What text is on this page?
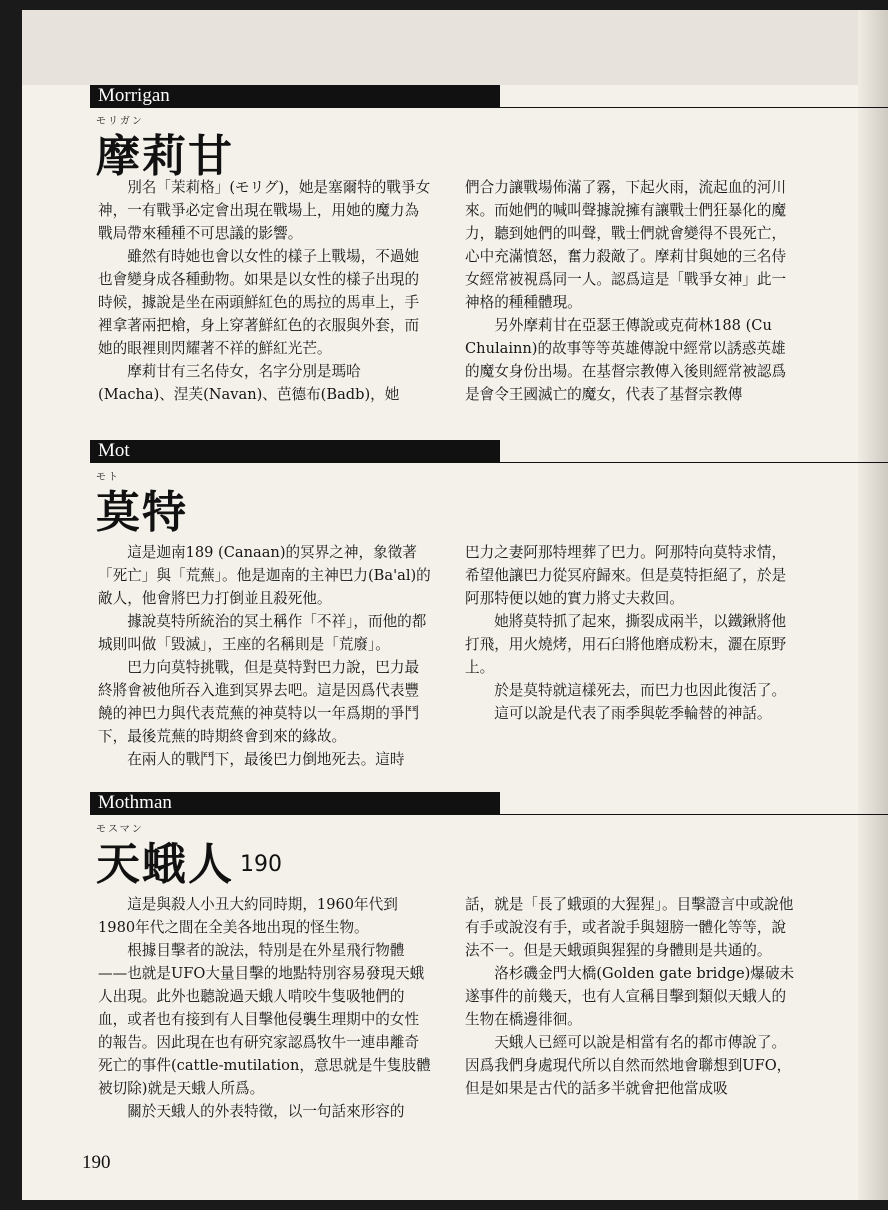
Morrigan
モリガン
摩莉甘

別名「茉莉格」(モリグ)，她是塞爾特的戰爭女神，一有戰爭必定會出現在戰場上，用她的魔力為戰局帶來種種不可思議的影響。

雖然有時她也會以女性的樣子上戰場，不過她也會變身成各種動物。如果是以女性的樣子出現的時候，據說是坐在兩頭鮮紅色的馬拉的馬車上，手裡拿著兩把槍，身上穿著鮮紅色的衣服與外套，而她的眼裡則閃耀著不祥的鮮紅光芒。

摩莉甘有三名侍女，名字分別是瑪哈(Macha)、涅芙(Navan)、芭德布(Badb)，她

們合力讓戰場佈滿了霧，下起火雨，流起血的河川來。而她們的喊叫聲據說擁有讓戰士們狂暴化的魔力，聽到她們的叫聲，戰士們就會變得不畏死亡，心中充滿憤怒，奮力殺敵了。摩莉甘與她的三名侍女經常被視爲同一人。認爲這是「戰爭女神」此一神格的種種體現。

另外摩莉甘在亞瑟王傳說或克荷林188 (Cu Chulainn)的故事等等英雄傳說中經常以誘惑英雄的魔女身份出場。在基督宗教傳入後則經常被認爲是會令王國滅亡的魔女，代表了基督宗教傳

Mot
モト
莫特

這是迦南189 (Canaan)的冥界之神，象徵著「死亡」與「荒蕪」。他是迦南的主神巴力(Ba'al)的敵人，他會將巴力打倒並且殺死他。

據說莫特所統治的冥土稱作「不祥」，而他的都城則叫做「毀滅」，王座的名稱則是「荒廢」。

巴力向莫特挑戰，但是莫特對巴力說，巴力最終將會被他所吞入進到冥界去吧。這是因爲代表豐饒的神巴力與代表荒蕪的神莫特以一年爲期的爭鬥下，最後荒蕪的時期終會到來的緣故。

在兩人的戰鬥下，最後巴力倒地死去。這時

巴力之妻阿那特埋葬了巴力。阿那特向莫特求情，希望他讓巴力從冥府歸來。但是莫特拒絕了，於是阿那特便以她的實力將丈夫救回。

她將莫特抓了起來，撕裂成兩半，以鐵鍬將他打飛，用火燒烤，用石臼將他磨成粉末，灑在原野上。

於是莫特就這樣死去，而巴力也因此復活了。

這可以說是代表了雨季與乾季輪替的神話。

Mothman
モスマン
天蛾人 190

這是與殺人小丑大約同時期，1960年代到1980年代之間在全美各地出現的怪生物。

根據目擊者的說法，特別是在外星飛行物體——也就是UFO大量目擊的地點特別容易發現天蛾人出現。此外也聽說過天蛾人啃咬牛隻吸牠們的血，或者也有接到有人目擊他侵襲生理期中的女性的報告。因此現在也有研究家認爲牧牛一連串離奇死亡的事件(cattle-mutilation，意思就是牛隻肢體被切除)就是天蛾人所爲。

關於天蛾人的外表特徵，以一句話來形容的

話，就是「長了蛾頭的大猩猩」。目擊證言中或說他有手或說沒有手，或者說手與翅膀一體化等等，說法不一。但是天蛾頭與猩猩的身體則是共通的。

洛杉磯金門大橋(Golden gate bridge)爆破未遂事件的前幾天，也有人宣稱目擊到類似天蛾人的生物在橋邊徘徊。

天蛾人已經可以說是相當有名的都市傳說了。因爲我們身處現代所以自然而然地會聯想到UFO，但是如果是古代的話多半就會把他當成吸

190
